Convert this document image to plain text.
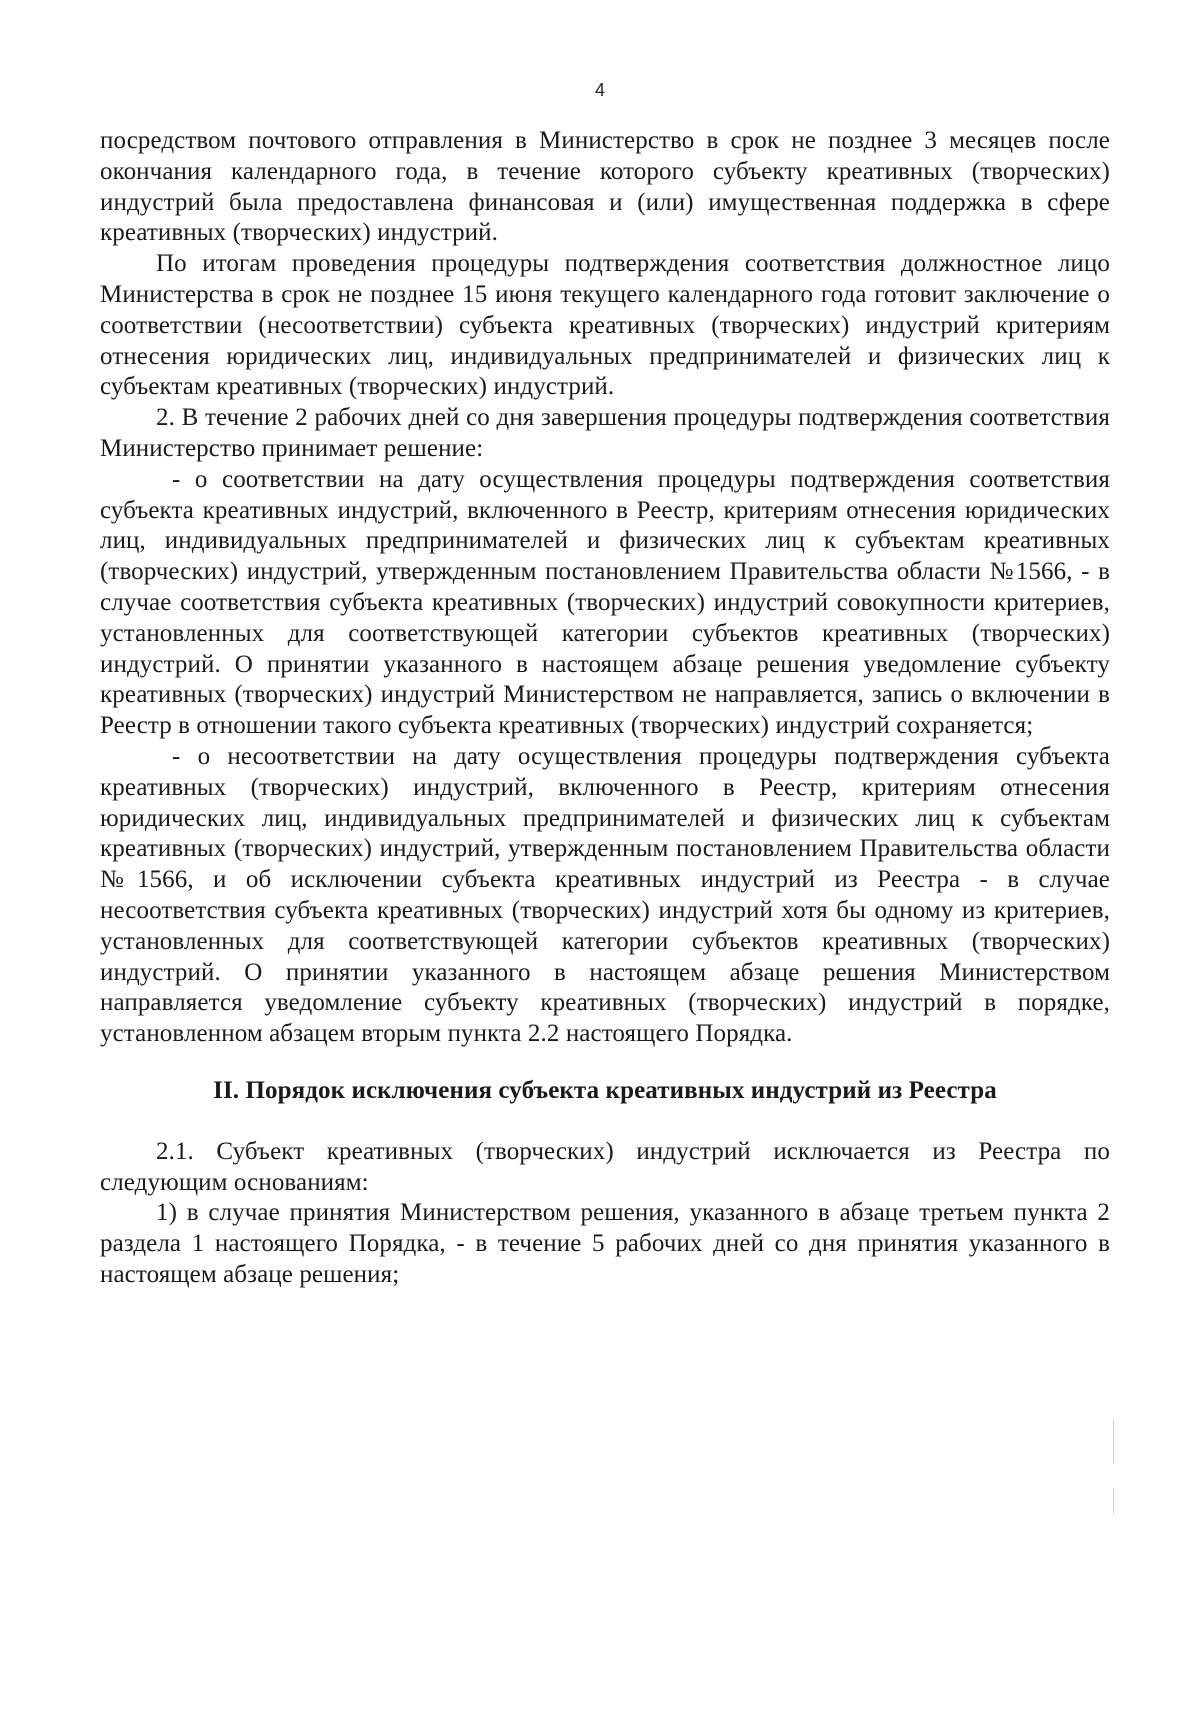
4

посредством почтового отправления в Министерство в срок не позднее 3 месяцев после окончания календарного года, в течение которого субъекту креативных (творческих) индустрий была предоставлена финансовая и (или) имущественная поддержка в сфере креативных (творческих) индустрий.

По итогам проведения процедуры подтверждения соответствия должностное лицо Министерства в срок не позднее 15 июня текущего календарного года готовит заключение о соответствии (несоответствии) субъекта креативных (творческих) индустрий критериям отнесения юридических лиц, индивидуальных предпринимателей и физических лиц к субъектам креативных (творческих) индустрий.

2. В течение 2 рабочих дней со дня завершения процедуры подтверждения соответствия Министерство принимает решение:

- о соответствии на дату осуществления процедуры подтверждения соответствия субъекта креативных индустрий, включенного в Реестр, критериям отнесения юридических лиц, индивидуальных предпринимателей и физических лиц к субъектам креативных (творческих) индустрий, утвержденным постановлением Правительства области №1566, - в случае соответствия субъекта креативных (творческих) индустрий совокупности критериев, установленных для соответствующей категории субъектов креативных (творческих) индустрий. О принятии указанного в настоящем абзаце решения уведомление субъекту креативных (творческих) индустрий Министерством не направляется, запись о включении в Реестр в отношении такого субъекта креативных (творческих) индустрий сохраняется;

- о несоответствии на дату осуществления процедуры подтверждения субъекта креативных (творческих) индустрий, включенного в Реестр, критериям отнесения юридических лиц, индивидуальных предпринимателей и физических лиц к субъектам креативных (творческих) индустрий, утвержденным постановлением Правительства области №1566, и об исключении субъекта креативных индустрий из Реестра - в случае несоответствия субъекта креативных (творческих) индустрий хотя бы одному из критериев, установленных для соответствующей категории субъектов креативных (творческих) индустрий. О принятии указанного в настоящем абзаце решения Министерством направляется уведомление субъекту креативных (творческих) индустрий в порядке, установленном абзацем вторым пункта 2.2 настоящего Порядка.

II. Порядок исключения субъекта креативных индустрий из Реестра

2.1. Субъект креативных (творческих) индустрий исключается из Реестра по следующим основаниям:

1) в случае принятия Министерством решения, указанного в абзаце третьем пункта 2 раздела 1 настоящего Порядка, - в течение 5 рабочих дней со дня принятия указанного в настоящем абзаце решения;
